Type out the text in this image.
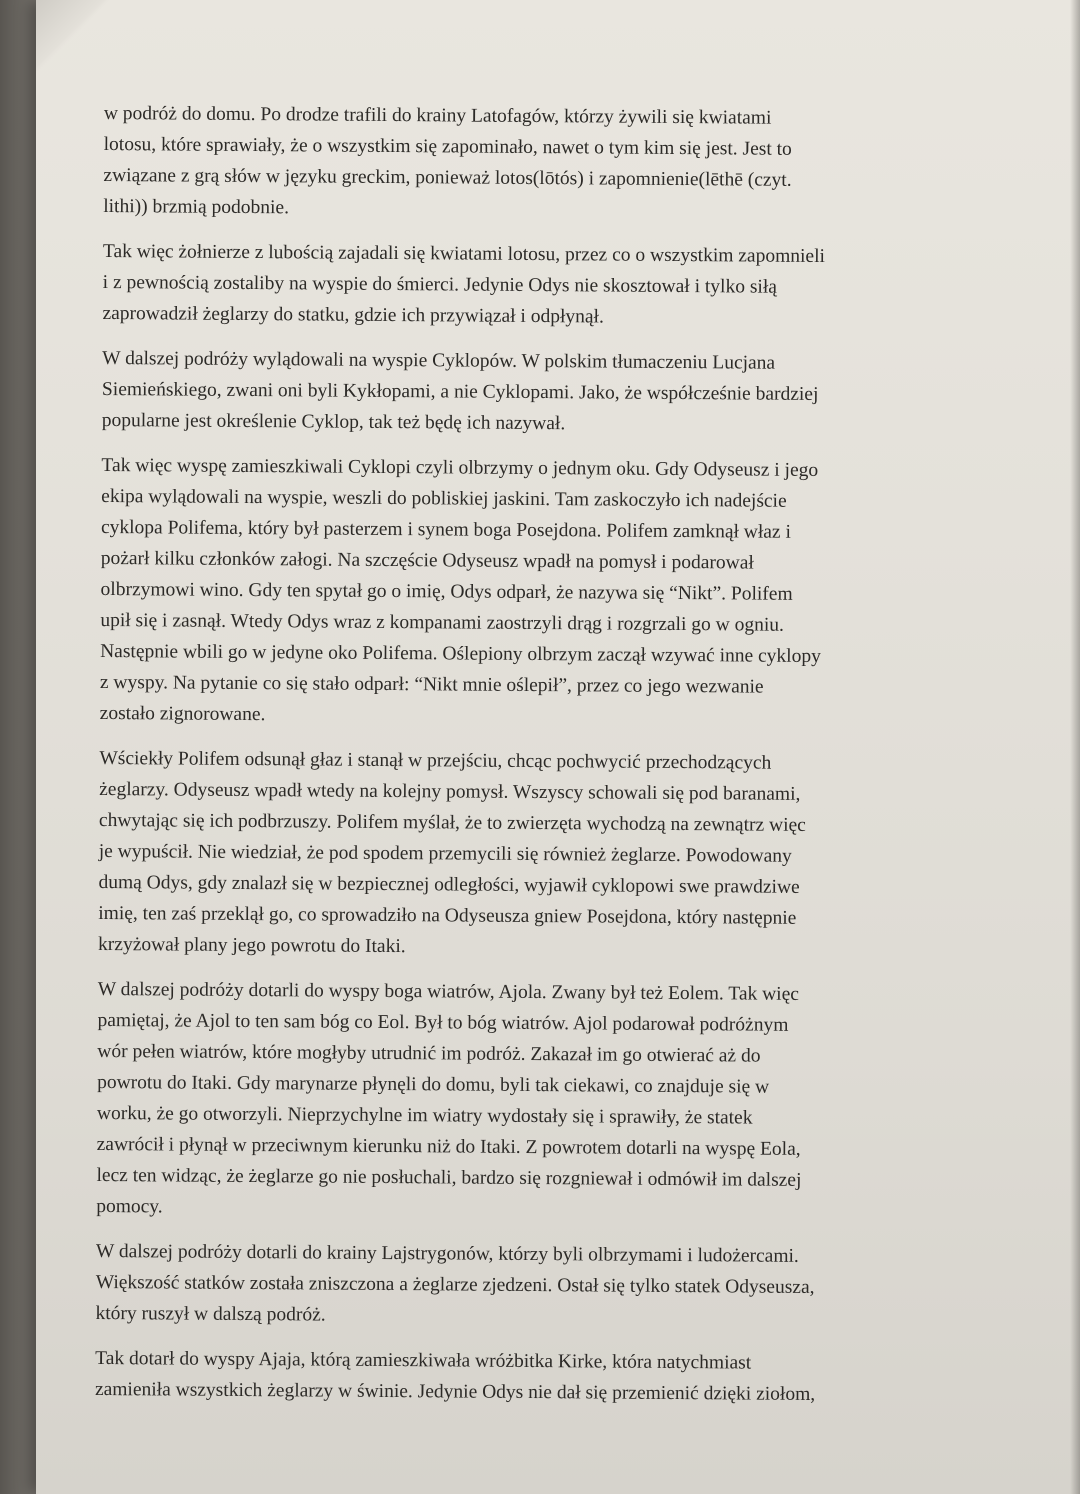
w podróż do domu. Po drodze trafili do krainy Latofagów, którzy żywili się kwiatami
lotosu, które sprawiały, że o wszystkim się zapominało, nawet o tym kim się jest. Jest to
związane z grą słów w języku greckim, ponieważ lotos(lōtós) i zapomnienie(lēthē (czyt.
lithi)) brzmią podobnie.

Tak więc żołnierze z lubością zajadali się kwiatami lotosu, przez co o wszystkim zapomnieli
i z pewnością zostaliby na wyspie do śmierci. Jedynie Odys nie skosztował i tylko siłą
zaprowadził żeglarzy do statku, gdzie ich przywiązał i odpłynął.

W dalszej podróży wylądowali na wyspie Cyklopów. W polskim tłumaczeniu Lucjana
Siemieńskiego, zwani oni byli Kykłopami, a nie Cyklopami. Jako, że współcześnie bardziej
popularne jest określenie Cyklop, tak też będę ich nazywał.

Tak więc wyspę zamieszkiwali Cyklopi czyli olbrzymy o jednym oku. Gdy Odyseusz i jego
ekipa wylądowali na wyspie, weszli do pobliskiej jaskini. Tam zaskoczyło ich nadejście
cyklopa Polifema, który był pasterzem i synem boga Posejdona. Polifem zamknął właz i
pożarł kilku członków załogi. Na szczęście Odyseusz wpadł na pomysł i podarował
olbrzymowi wino. Gdy ten spytał go o imię, Odys odparł, że nazywa się “Nikt”. Polifem
upił się i zasnął. Wtedy Odys wraz z kompanami zaostrzyli drąg i rozgrzali go w ogniu.
Następnie wbili go w jedyne oko Polifema. Oślepiony olbrzym zaczął wzywać inne cyklopy
z wyspy. Na pytanie co się stało odparł: “Nikt mnie oślepił”, przez co jego wezwanie
zostało zignorowane.

Wściekły Polifem odsunął głaz i stanął w przejściu, chcąc pochwycić przechodzących
żeglarzy. Odyseusz wpadł wtedy na kolejny pomysł. Wszyscy schowali się pod baranami,
chwytając się ich podbrzuszy. Polifem myślał, że to zwierzęta wychodzą na zewnątrz więc
je wypuścił. Nie wiedział, że pod spodem przemycili się również żeglarze. Powodowany
dumą Odys, gdy znalazł się w bezpiecznej odległości, wyjawił cyklopowi swe prawdziwe
imię, ten zaś przeklął go, co sprowadziło na Odyseusza gniew Posejdona, który następnie
krzyżował plany jego powrotu do Itaki.

W dalszej podróży dotarli do wyspy boga wiatrów, Ajola. Zwany był też Eolem. Tak więc
pamiętaj, że Ajol to ten sam bóg co Eol. Był to bóg wiatrów. Ajol podarował podróżnym
wór pełen wiatrów, które mogłyby utrudnić im podróż. Zakazał im go otwierać aż do
powrotu do Itaki. Gdy marynarze płynęli do domu, byli tak ciekawi, co znajduje się w
worku, że go otworzyli. Nieprzychylne im wiatry wydostały się i sprawiły, że statek
zawrócił i płynął w przeciwnym kierunku niż do Itaki. Z powrotem dotarli na wyspę Eola,
lecz ten widząc, że żeglarze go nie posłuchali, bardzo się rozgniewał i odmówił im dalszej
pomocy.

W dalszej podróży dotarli do krainy Lajstrygonów, którzy byli olbrzymami i ludożercami.
Większość statków została zniszczona a żeglarze zjedzeni. Ostał się tylko statek Odyseusza,
który ruszył w dalszą podróż.

Tak dotarł do wyspy Ajaja, którą zamieszkiwała wróżbitka Kirke, która natychmiast
zamieniła wszystkich żeglarzy w świnie. Jedynie Odys nie dał się przemienić dzięki ziołom,
